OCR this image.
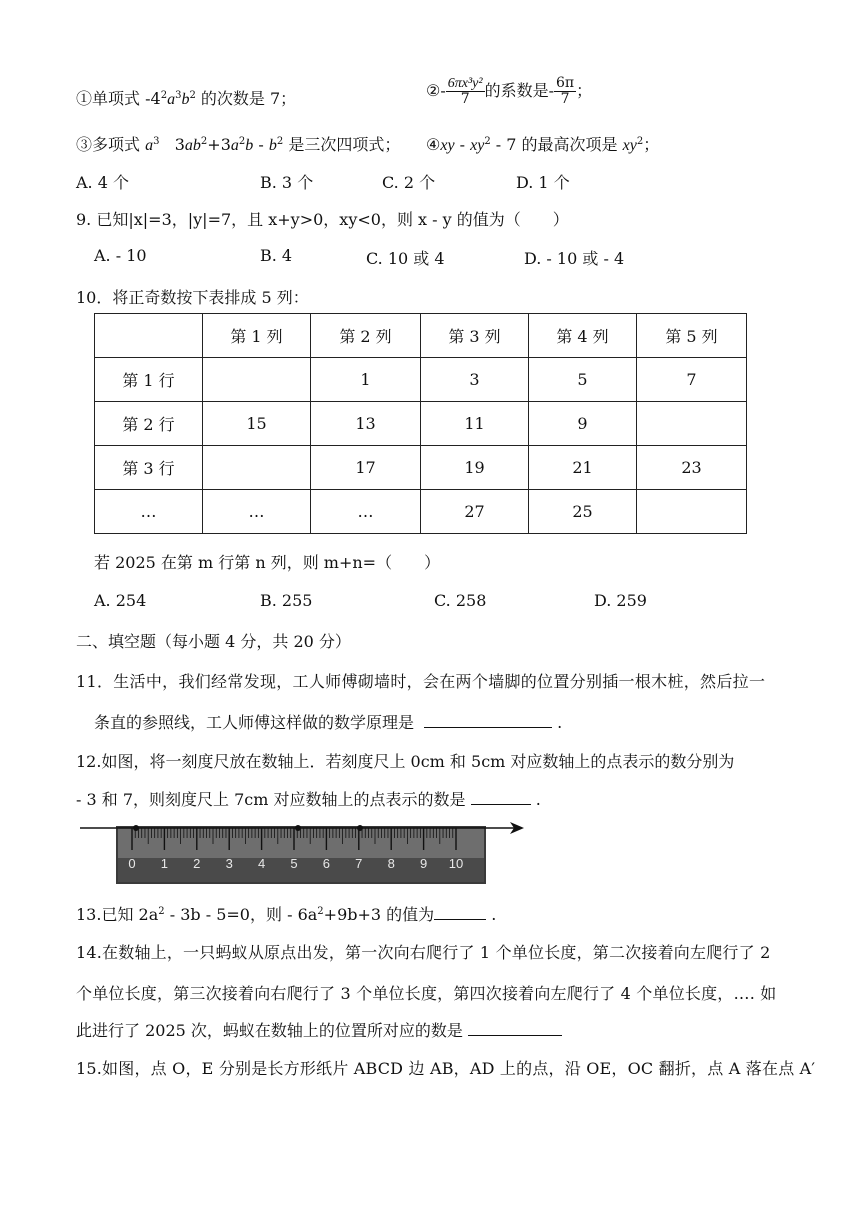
①单项式 $-4^2a^3b^2$ 的次数是 7；	②- $\frac{\text{6πx³y²}}{7}$ 的系数是- $\frac{6\pi}{7}$ ；
③多项式 $a^3$   $3ab^2+3a^2b - b^2$ 是三次四项式； ④xy - $xy^2 - 7$ 的最高次项是 $xy^2$；
A. 4 个	B. 3 个	C. 2 个	D. 1 个
9. 已知|x|=3，|y|=7，且 x+y>0，xy<0，则 x - y 的值为（　　）
A. - 10	B. 4	C. 10 或 4	D. - 10 或 - 4
10．将正奇数按下表排成 5 列：
	第 1 列	第 2 列	第 3 列	第 4 列	第 5 列
第 1 行		1	3	5	7
第 2 行	15	13	11	9	
第 3 行		17	19	21	23
…	…	…	27	25	
若 2025 在第 m 行第 n 列，则 m+n=（　　）
A. 254	B. 255	C. 258	D. 259
二、填空题（每小题 4 分，共 20 分）
11．生活中，我们经常发现，工人师傅砌墙时，会在两个墙脚的位置分别插一根木桩，然后拉一
条直的参照线，工人师傅这样做的数学原理是	.
12.如图，将一刻度尺放在数轴上．若刻度尺上 0cm 和 5cm 对应数轴上的点表示的数分别为
- 3 和 7，则刻度尺上 7cm 对应数轴上的点表示的数是	.
0 1 2 3 4 5 6 7 8 9 10
13.已知 $2a^2 - 3b - 5=0$，则 - $6a^2+9b+3$ 的值为	.
14.在数轴上，一只蚂蚁从原点出发，第一次向右爬行了 1 个单位长度，第二次接着向左爬行了 2
个单位长度，第三次接着向右爬行了 3 个单位长度，第四次接着向左爬行了 4 个单位长度，…. 如
此进行了 2025 次，蚂蚁在数轴上的位置所对应的数是
15.如图，点 O，E 分别是长方形纸片 ABCD 边 AB，AD 上的点，沿 OE，OC 翻折，点 A 落在点 A′
